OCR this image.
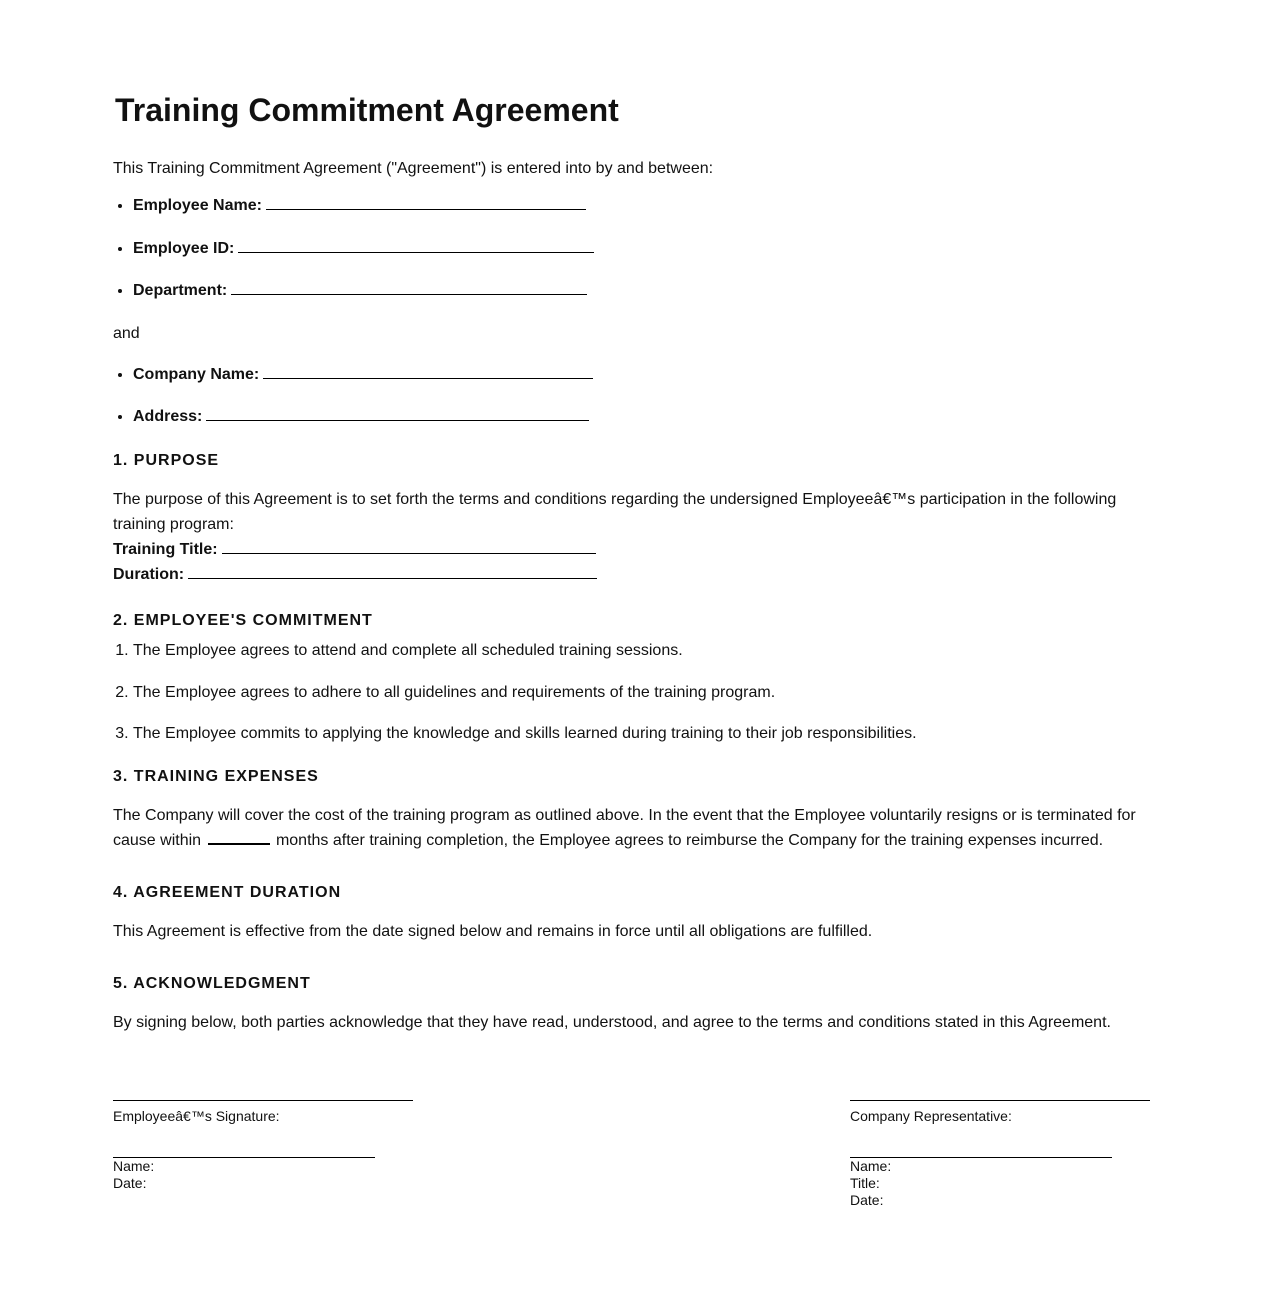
Training Commitment Agreement

This Training Commitment Agreement ("Agreement") is entered into by and between:

• Employee Name:
• Employee ID:
• Department:

and

• Company Name:
• Address:
1. PURPOSE

The purpose of this Agreement is to set forth the terms and conditions regarding the undersigned Employeeâ€™s participation in the following training program:

Training Title:

Duration:

2. EMPLOYEE'S COMMITMENT
1. The Employee agrees to attend and complete all scheduled training sessions.
2. The Employee agrees to adhere to all guidelines and requirements of the training program.
3. The Employee commits to applying the knowledge and skills learned during training to their job responsibilities.
3. TRAINING EXPENSES

The Company will cover the cost of the training program as outlined above. In the event that the Employee voluntarily resigns or is terminated for cause within	months after training completion, the Employee agrees to reimburse the Company for the training expenses incurred.

4. AGREEMENT DURATION

This Agreement is effective from the date signed below and remains in force until all obligations are fulfilled.

5. ACKNOWLEDGMENT

By signing below, both parties acknowledge that they have read, understood, and agree to the terms and conditions stated in this Agreement.

Employeeâ€™s Signature:
Name:
Date:
Company Representative:
Name:
Title:
Date:
